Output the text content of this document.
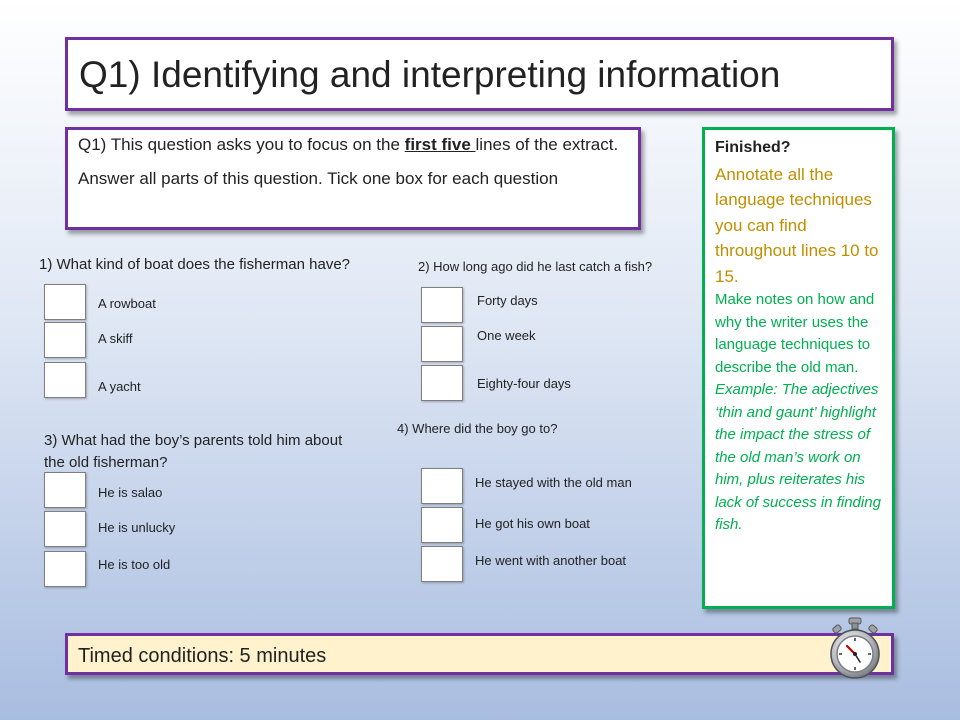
Q1) Identifying and interpreting information

Q1) This question asks you to focus on the first five lines of the extract.

Answer all parts of this question. Tick one box for each question

1) What kind of boat does the fisherman have?
A rowboat
A skiff
A yacht
2) How long ago did he last catch a fish?
Forty days
One week
Eighty-four days
3) What had the boy’s parents told him about the old fisherman?
He is salao
He is unlucky
He is too old
4) Where did the boy go to?
He stayed with the old man
He got his own boat
He went with another boat
Finished?
Annotate all the language techniques you can find throughout lines 10 to 15.
Make notes on how and why the writer uses the language techniques to describe the old man.
Example: The adjectives ‘thin and gaunt’ highlight the impact the stress of the old man’s work on him, plus reiterates his lack of success in finding fish.
Timed conditions: 5 minutes
